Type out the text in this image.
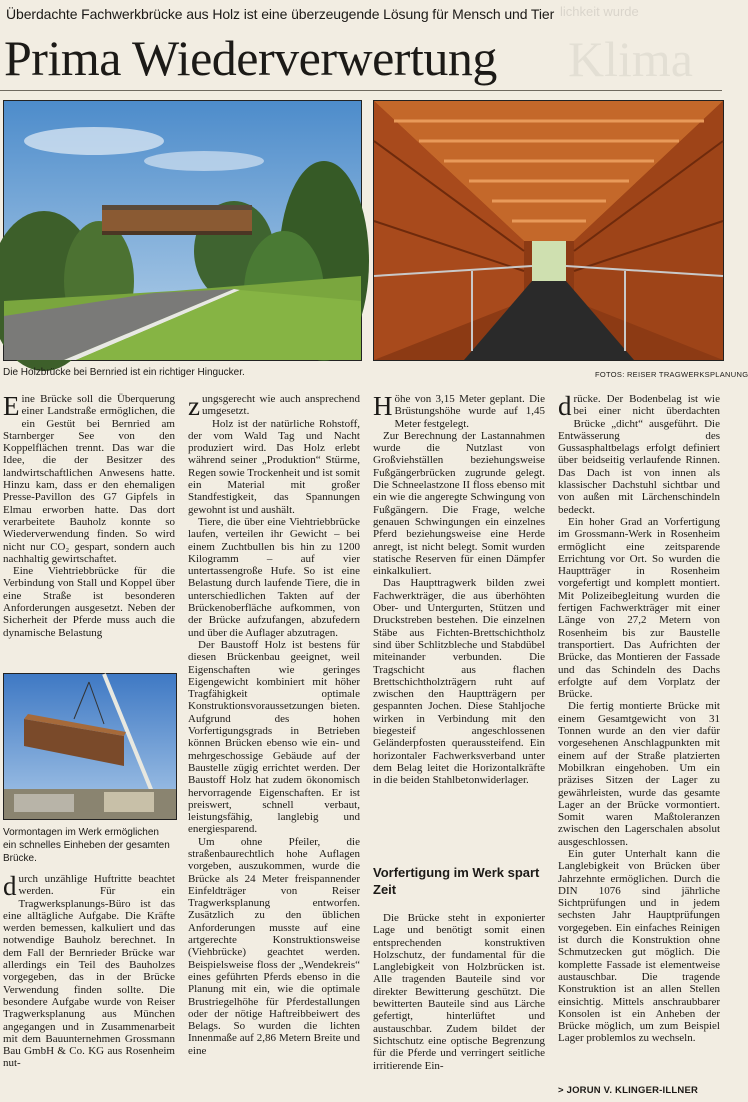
Überdachte Fachwerkbrücke aus Holz ist eine überzeugende Lösung für Mensch und Tier lichkeit wurde
Klima
Prima Wiederverwertung
Die Holzbrücke bei Bernried ist ein richtiger Hingucker.	FOTOS: REISER TRAGWERKSPLANUNG
Vormontagen im Werk ermöglichen ein schnelles Einheben der gesamten Brücke.

Eine Brücke soll die Überquerung einer Landstraße ermöglichen, die ein Gestüt bei Bernried am Starnberger See von den Koppelflächen trennt. Das war die Idee, die der Besitzer des landwirtschaftlichen Anwesens hatte. Hinzu kam, dass er den ehemaligen Presse-Pavillon des G7 Gipfels in Elmau erworben hatte. Das dort verarbeitete Bauholz konnte so Wiederverwendung finden. So wird nicht nur CO₂ gespart, sondern auch nachhaltig gewirtschaftet.

Eine Viehtriebbrücke für die Verbindung von Stall und Koppel über eine Straße ist besonderen Anforderungen ausgesetzt. Neben der Sicherheit der Pferde muss auch die dynamische Belastung

durch unzählige Huftritte beachtet werden. Für ein Tragwerksplanungs-Büro ist das eine alltägliche Aufgabe. Die Kräfte werden bemessen, kalkuliert und das notwendige Bauholz berechnet. In dem Fall der Bernrieder Brücke war allerdings ein Teil des Bauholzes vorgegeben, das in der Brücke Verwendung finden sollte. Die besondere Aufgabe wurde von Reiser Tragwerksplanung aus München angegangen und in Zusammenarbeit mit dem Bauunternehmen Grossmann Bau GmbH & Co. KG aus Rosenheim nut-

zungsgerecht wie auch ansprechend umgesetzt.

Holz ist der natürliche Rohstoff, der vom Wald Tag und Nacht produziert wird. Das Holz erlebt während seiner „Produktion“ Stürme, Regen sowie Trockenheit und ist somit ein Material mit großer Standfestigkeit, das Spannungen gewohnt ist und aushält.

Tiere, die über eine Viehtriebbrücke laufen, verteilen ihr Gewicht – bei einem Zuchtbullen bis hin zu 1200 Kilogramm – auf vier untertassengroße Hufe. So ist eine Belastung durch laufende Tiere, die in unterschiedlichen Takten auf der Brückenoberfläche aufkommen, von der Brücke aufzufangen, abzufedern und über die Auflager abzutragen.

Der Baustoff Holz ist bestens für diesen Brückenbau geeignet, weil Eigenschaften wie geringes Eigengewicht kombiniert mit höher Tragfähigkeit optimale Konstruktionsvoraussetzungen bieten. Aufgrund des hohen Vorfertigungsgrads in Betrieben können Brücken ebenso wie ein- und mehrgeschossige Gebäude auf der Baustelle zügig errichtet werden. Der Baustoff Holz hat zudem ökonomisch hervorragende Eigenschaften. Er ist preiswert, schnell verbaut, leistungsfähig, langlebig und energiesparend.

Um ohne Pfeiler, die straßenbaurechtlich hohe Auflagen vorgeben, auszukommen, wurde die Brücke als 24 Meter freispannender Einfeldträger von Reiser Tragwerksplanung entworfen. Zusätzlich zu den üblichen Anforderungen musste auf eine artgerechte Konstruktionsweise (Viehbrücke) geachtet werden. Beispielsweise floss der „Wendekreis“ eines geführten Pferds ebenso in die Planung mit ein, wie die optimale Brustriegelhöhe für Pferdestallungen oder der nötige Haftreibbeiwert des Belags. So wurden die lichten Innenmaße auf 2,86 Metern Breite und eine

Höhe von 3,15 Meter geplant. Die Brüstungshöhe wurde auf 1,45 Meter festgelegt.

Zur Berechnung der Lastannahmen wurde die Nutzlast von Großviehställen beziehungsweise Fußgängerbrücken zugrunde gelegt. Die Schneelastzone II floss ebenso mit ein wie die angeregte Schwingung von Fußgängern. Die Frage, welche genauen Schwingungen ein einzelnes Pferd beziehungsweise eine Herde anregt, ist nicht belegt. Somit wurden statische Reserven für einen Dämpfer einkalkuliert.

Das Haupttragwerk bilden zwei Fachwerkträger, die aus überhöhten Ober- und Untergurten, Stützen und Druckstreben bestehen. Die einzelnen Stäbe aus Fichten-Brettschichtholz sind über Schlitzbleche und Stabdübel miteinander verbunden. Die Tragschicht aus flachen Brettschichtholzträgern ruht auf zwischen den Hauptträgern per gespannten Jochen. Diese Stahljoche wirken in Verbindung mit den biegesteif angeschlossenen Geländerpfosten queraussteifend. Ein horizontaler Fachwerksverband unter dem Belag leitet die Horizontalkräfte in die beiden Stahlbetonwiderlager.

Vorfertigung im Werk spart Zeit

Die Brücke steht in exponierter Lage und benötigt somit einen entsprechenden konstruktiven Holzschutz, der fundamental für die Langlebigkeit von Holzbrücken ist. Alle tragenden Bauteile sind vor direkter Bewitterung geschützt. Die bewitterten Bauteile sind aus Lärche gefertigt, hinterlüftet und austauschbar. Zudem bildet der Sichtschutz eine optische Begrenzung für die Pferde und verringert seitliche irritierende Ein-

drücke. Der Bodenbelag ist wie bei einer nicht überdachten Brücke „dicht“ ausgeführt. Die Entwässerung des Gussasphaltbelags erfolgt definiert über beidseitig verlaufende Rinnen. Das Dach ist von innen als klassischer Dachstuhl sichtbar und von außen mit Lärchenschindeln bedeckt.

Ein hoher Grad an Vorfertigung im Grossmann-Werk in Rosenheim ermöglicht eine zeitsparende Errichtung vor Ort. So wurden die Hauptträger in Rosenheim vorgefertigt und komplett montiert. Mit Polizeibegleitung wurden die fertigen Fachwerkträger mit einer Länge von 27,2 Metern von Rosenheim bis zur Baustelle transportiert. Das Aufrichten der Brücke, das Montieren der Fassade und das Schindeln des Dachs erfolgte auf dem Vorplatz der Brücke.

Die fertig montierte Brücke mit einem Gesamtgewicht von 31 Tonnen wurde an den vier dafür vorgesehenen Anschlagpunkten mit einem auf der Straße platzierten Mobilkran eingehoben. Um ein präzises Sitzen der Lager zu gewährleisten, wurde das gesamte Lager an der Brücke vormontiert. Somit waren Maßtoleranzen zwischen den Lagerschalen absolut ausgeschlossen.

Ein guter Unterhalt kann die Langlebigkeit von Brücken über Jahrzehnte ermöglichen. Durch die DIN 1076 sind jährliche Sichtprüfungen und in jedem sechsten Jahr Hauptprüfungen vorgegeben. Ein einfaches Reinigen ist durch die Konstruktion ohne Schmutzecken gut möglich. Die komplette Fassade ist elementweise austauschbar. Die tragende Konstruktion ist an allen Stellen einsichtig. Mittels anschraubbarer Konsolen ist ein Anheben der Brücke möglich, um zum Beispiel Lager problemlos zu wechseln.

> JORUN V. KLINGER-ILLNER
